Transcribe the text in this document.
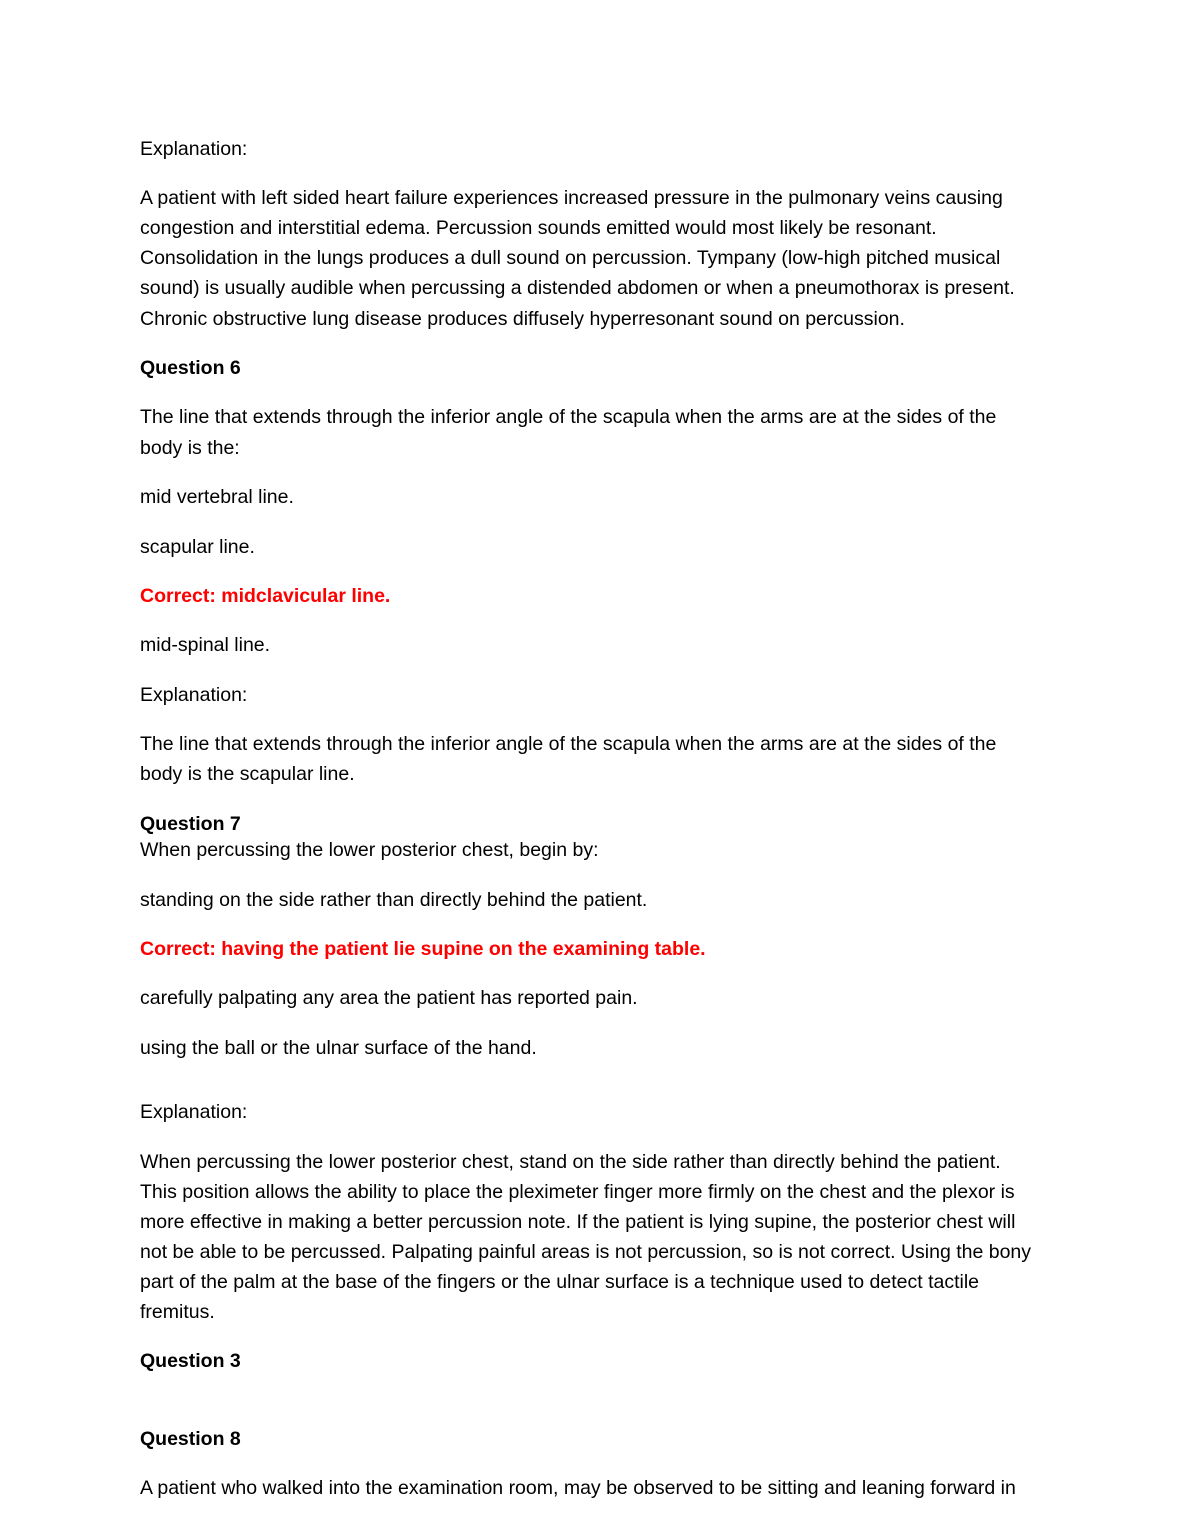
Explanation:

A patient with left sided heart failure experiences increased pressure in the pulmonary veins causing

congestion and interstitial edema. Percussion sounds emitted would most likely be resonant.

Consolidation in the lungs produces a dull sound on percussion. Tympany (low-high pitched musical

sound) is usually audible when percussing a distended abdomen or when a pneumothorax is present.

Chronic obstructive lung disease produces diffusely hyperresonant sound on percussion.

Question 6

The line that extends through the inferior angle of the scapula when the arms are at the sides of the

body is the:

mid vertebral line.

scapular line.

Correct: midclavicular line.

mid-spinal line.

Explanation:

The line that extends through the inferior angle of the scapula when the arms are at the sides of the

body is the scapular line.

Question 7

When percussing the lower posterior chest, begin by:

standing on the side rather than directly behind the patient.

Correct: having the patient lie supine on the examining table.

carefully palpating any area the patient has reported pain.

using the ball or the ulnar surface of the hand.

Explanation:

When percussing the lower posterior chest, stand on the side rather than directly behind the patient.

This position allows the ability to place the pleximeter finger more firmly on the chest and the plexor is

more effective in making a better percussion note. If the patient is lying supine, the posterior chest will

not be able to be percussed. Palpating painful areas is not percussion, so is not correct. Using the bony

part of the palm at the base of the fingers or the ulnar surface is a technique used to detect tactile

fremitus.

Question 3

Question 8

A patient who walked into the examination room, may be observed to be sitting and leaning forward in
